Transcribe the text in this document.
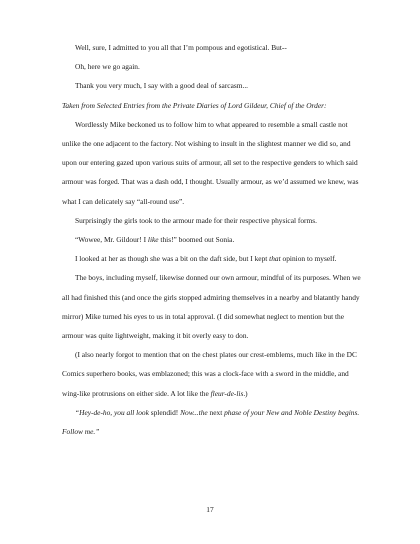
Well, sure, I admitted to you all that I’m pompous and egotistical. But--

Oh, here we go again.

Thank you very much, I say with a good deal of sarcasm...

Taken from Selected Entries from the Private Diaries of Lord Gildeur, Chief of the Order:

Wordlessly Mike beckoned us to follow him to what appeared to resemble a small castle not unlike the one adjacent to the factory. Not wishing to insult in the slightest manner we did so, and upon our entering gazed upon various suits of armour, all set to the respective genders to which said armour was forged. That was a dash odd, I thought. Usually armour, as we’d assumed we knew, was what I can delicately say “all-round use”.

Surprisingly the girls took to the armour made for their respective physical forms.

“Wowee, Mr. Gildour! I like this!” boomed out Sonia.

I looked at her as though she was a bit on the daft side, but I kept that opinion to myself.

The boys, including myself, likewise donned our own armour, mindful of its purposes. When we all had finished this (and once the girls stopped admiring themselves in a nearby and blatantly handy mirror) Mike turned his eyes to us in total approval. (I did somewhat neglect to mention but the armour was quite lightweight, making it bit overly easy to don.

(I also nearly forgot to mention that on the chest plates our crest-emblems, much like in the DC Comics superhero books, was emblazoned; this was a clock-face with a sword in the middle, and wing-like protrusions on either side. A lot like the fleur-de-lis.)

“Hey-de-ho, you all look splendid! Now...the next phase of your New and Noble Destiny begins. Follow me.”

17
